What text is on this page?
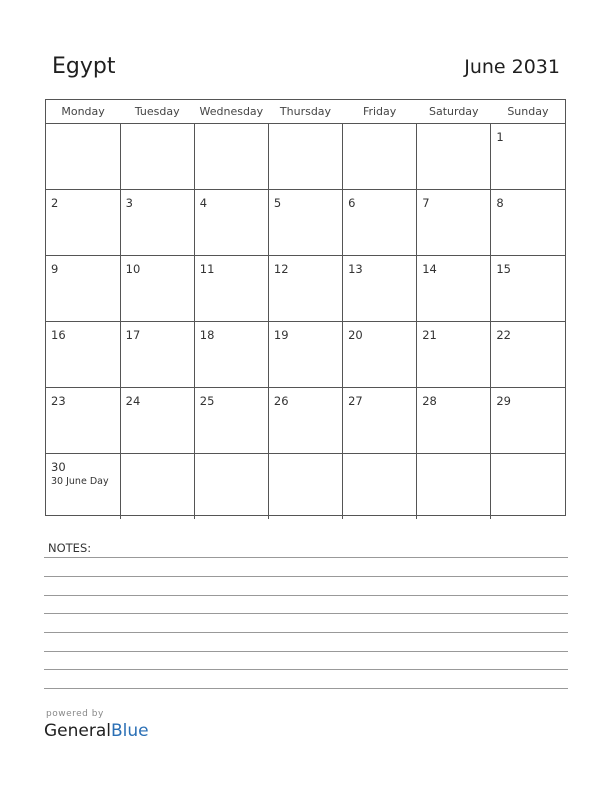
Egypt	June 2031
Monday	Tuesday	Wednesday	Thursday	Friday	Saturday	Sunday

						1

2	3	4	5	6	7	8

9	10	11	12	13	14	15

16	17	18	19	20	21	22

23	24	25	26	27	28	29

30
30 June Day						

NOTES:
powered by
GeneralBlue
